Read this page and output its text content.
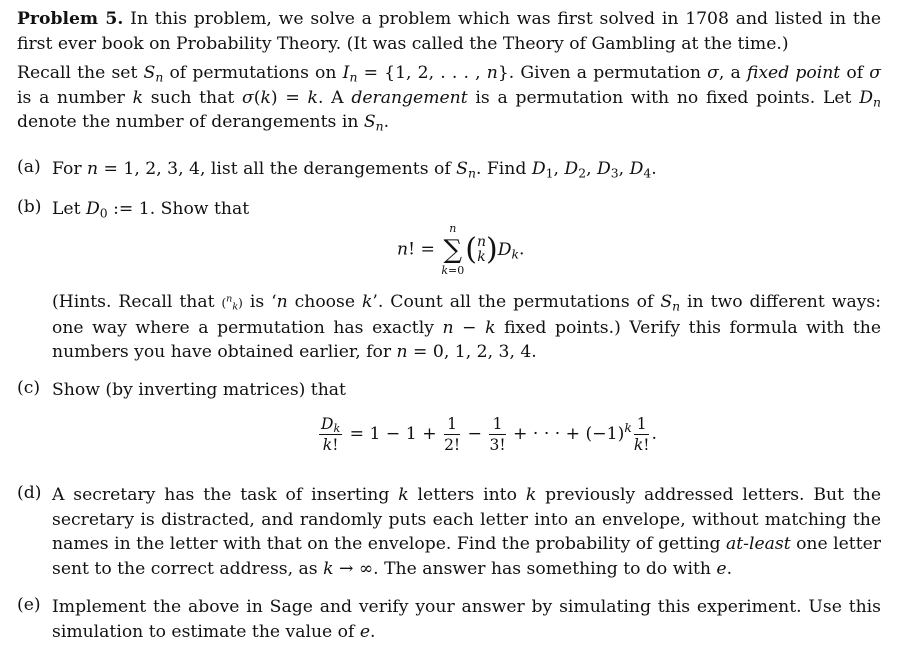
Problem 5. In this problem, we solve a problem which was first solved in 1708 and listed in the first ever book on Probability Theory. (It was called the Theory of Gambling at the time.)

Recall the set $S_n$ of permutations on $I_n = \{1$, 2, . . . , n}. Given a permutation σ, a fixed point of σ is a number k such that σ(k) = k. A derangement is a permutation with no fixed points. Let $D_n$ denote the number of derangements in $S_n$.

(a) For n = 1, 2, 3, 4, list all the derangements of $S_n$. Find $D_1$, $D_2$, $D_3$, $D_4$.

(b) Let $D_0$ := 1. Show that

n! =
n
∑
k=0
(n
$k)D_k$.

(Hints. Recall that ($^n_k$) is ‘n choose k’. Count all the permutations of $S_n$ in two different ways: one way where a permutation has exactly n − k fixed points.) Verify this formula with the numbers you have obtained earlier, for n = 0, 1, 2, 3, 4.

(c) Show (by inverting matrices) that

$\frac{D_k}{k!} = 1 - 1 + \frac{1}{2!} - \frac{1}{3!}$ + · · · + $(-1)^k \frac{1}{k!}$ .
(d) A secretary has the task of inserting k letters into k previously addressed letters. But the secretary is distracted, and randomly puts each letter into an envelope, without matching the names in the letter with that on the envelope. Find the probability of getting at-least one letter sent to the correct address, as k → ∞. The answer has something to do with e.

(e) Implement the above in Sage and verify your answer by simulating this experiment. Use this simulation to estimate the value of e.
